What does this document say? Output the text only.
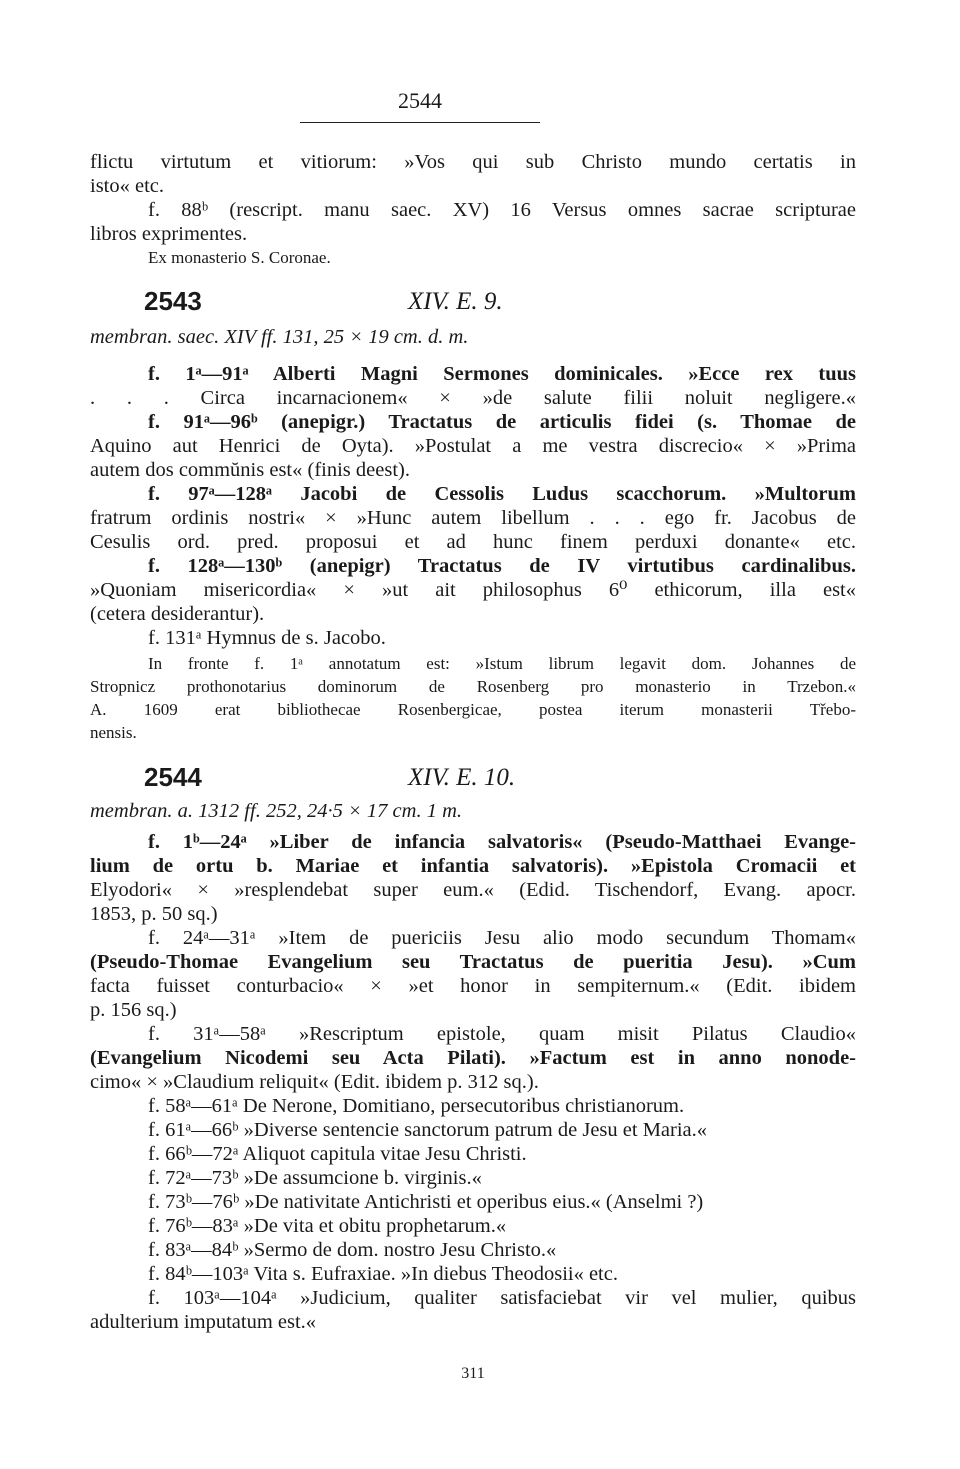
2544
flictu virtutum et vitiorum: »Vos qui sub Christo mundo certatis in
isto« etc.
f. 88ᵇ (rescript. manu saec. XV) 16 Versus omnes sacrae scripturae
libros exprimentes.
Ex monasterio S. Coronae.
2543	XIV. E. 9.
membran. saec. XIV ff. 131, 25 × 19 cm. d. m.
f. 1ᵃ—91ᵃ Alberti Magni Sermones dominicales. »Ecce rex tuus
. . . Circa incarnacionem« × »de salute filii noluit negligere.«
f. 91ᵃ—96ᵇ (anepigr.) Tractatus de articulis fidei (s. Thomae de
Aquino aut Henrici de Oyta). »Postulat a me vestra discrecio« × »Prima
autem dos commŭnis est« (finis deest).
f. 97ᵃ—128ᵃ Jacobi de Cessolis Ludus scacchorum. »Multorum
fratrum ordinis nostri« × »Hunc autem libellum . . . ego fr. Jacobus de
Cesulis ord. pred. proposui et ad hunc finem perduxi donante« etc.
f. 128ᵃ—130ᵇ (anepigr) Tractatus de IV virtutibus cardinalibus.
»Quoniam misericordia« × »ut ait philosophus 6⁰ ethicorum, illa est«
(cetera desiderantur).
f. 131ᵃ Hymnus de s. Jacobo.
In fronte f. 1ᵃ annotatum est: »Istum librum legavit dom. Johannes de
Stropnicz prothonotarius dominorum de Rosenberg pro monasterio in Trzebon.«
A. 1609 erat bibliothecae Rosenbergicae, postea iterum monasterii Třebo-
nensis.
2544	XIV. E. 10.
membran. a. 1312 ff. 252, 24·5 × 17 cm. 1 m.
f. 1ᵇ—24ᵃ »Liber de infancia salvatoris« (Pseudo-Matthaei Evange-
lium de ortu b. Mariae et infantia salvatoris). »Epistola Cromacii et
Elyodori« × »resplendebat super eum.« (Edid. Tischendorf, Evang. apocr.
1853, p. 50 sq.)
f. 24ᵃ—31ᵃ »Item de puericiis Jesu alio modo secundum Thomam«
(Pseudo-Thomae Evangelium seu Tractatus de pueritia Jesu). »Cum
facta fuisset conturbacio« × »et honor in sempiternum.« (Edit. ibidem
p. 156 sq.)
f. 31ᵃ—58ᵃ »Rescriptum epistole, quam misit Pilatus Claudio«
(Evangelium Nicodemi seu Acta Pilati). »Factum est in anno nonode-
cimo« × »Claudium reliquit« (Edit. ibidem p. 312 sq.).
f. 58ᵃ—61ᵃ De Nerone, Domitiano, persecutoribus christianorum.
f. 61ᵃ—66ᵇ »Diverse sentencie sanctorum patrum de Jesu et Maria.«
f. 66ᵇ—72ᵃ Aliquot capitula vitae Jesu Christi.
f. 72ᵃ—73ᵇ »De assumcione b. virginis.«
f. 73ᵇ—76ᵇ »De nativitate Antichristi et operibus eius.« (Anselmi ?)
f. 76ᵇ—83ᵃ »De vita et obitu prophetarum.«
f. 83ᵃ—84ᵇ »Sermo de dom. nostro Jesu Christo.«
f. 84ᵇ—103ᵃ Vita s. Eufraxiae. »In diebus Theodosii« etc.
f. 103ᵃ—104ᵃ »Judicium, qualiter satisfaciebat vir vel mulier, quibus
adulterium imputatum est.«
311
